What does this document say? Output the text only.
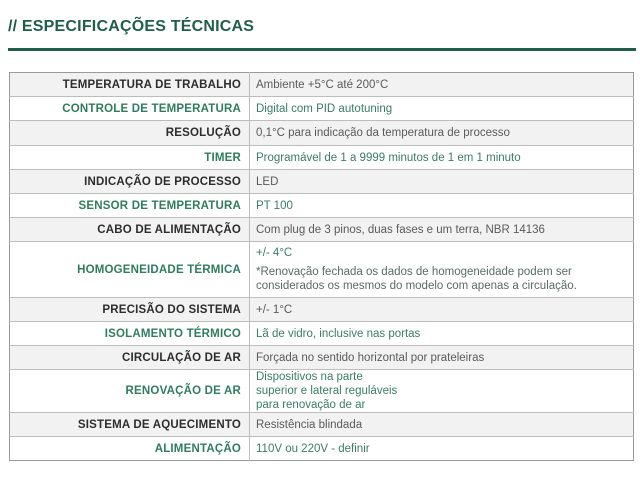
// ESPECIFICAÇÕES TÉCNICAS
TEMPERATURA DE TRABALHO	Ambiente +5°C até 200°C
CONTROLE DE TEMPERATURA	Digital com PID autotuning
RESOLUÇÃO	0,1°C para indicação da temperatura de processo
TIMER	Programável de 1 a 9999 minutos de 1 em 1 minuto
INDICAÇÃO DE PROCESSO	LED
SENSOR DE TEMPERATURA	PT 100
CABO DE ALIMENTAÇÃO	Com plug de 3 pinos, duas fases e um terra, NBR 14136
HOMOGENEIDADE TÉRMICA	+/- 4°C
*Renovação fechada os dados de homogeneidade podem ser considerados os mesmos do modelo com apenas a circulação.

PRECISÃO DO SISTEMA	+/- 1°C
ISOLAMENTO TÉRMICO	Lã de vidro, inclusive nas portas
CIRCULAÇÃO DE AR	Forçada no sentido horizontal por prateleiras
RENOVAÇÃO DE AR	Dispositivos na parte superior e lateral reguláveis para renovação de ar
SISTEMA DE AQUECIMENTO	Resistência blindada
ALIMENTAÇÃO	110V ou 220V - definir
